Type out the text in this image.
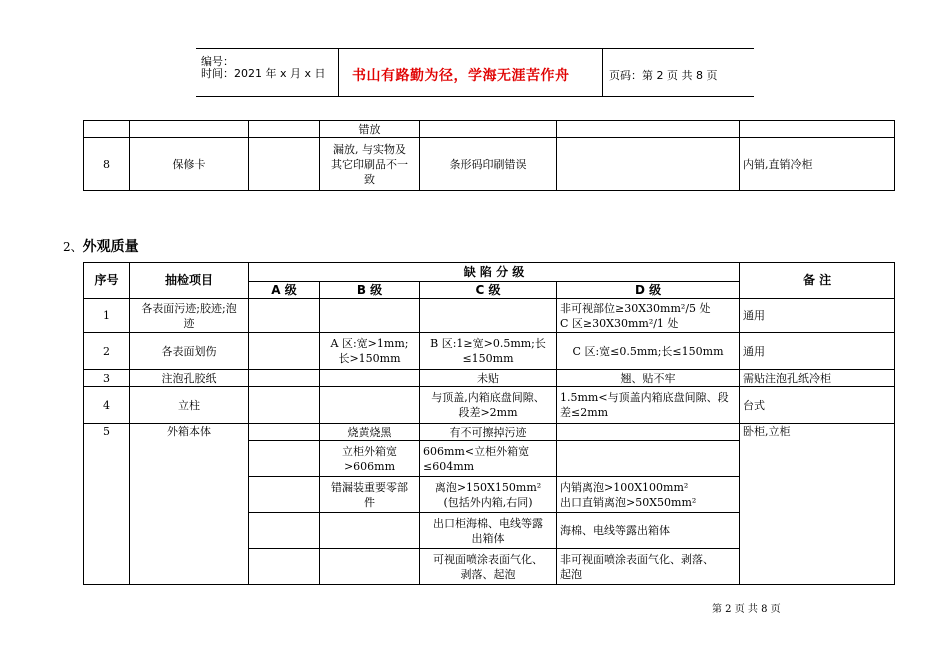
编号：
时间：2021 年 x 月 x 日 书山有路勤为径，学海无涯苦作舟	页码：第 2 页 共 8 页
			错放			
8	保修卡		漏放, 与实物及
其它印刷品不一
致	条形码印刷错误		内销,直销冷柜
2、外观质量
序号	抽检项目	缺 陷 分 级				备 注
		A 级	B 级	C 级	D 级	
1	各表面污迹;胶迹;泡
迹				非可视部位≥30X30mm²/5 处
C 区≥30X30mm²/1 处	通用
2	各表面划伤		A 区:宽>1mm;
长>150mm	B 区:1≥宽>0.5mm;长
≤150mm	C 区:宽≤0.5mm;长≤150mm	通用
3	注泡孔胶纸			未贴	翘、贴不牢	需贴注泡孔纸冷柜
4	立柱			与顶盖,内箱底盘间隙、
段差>2mm	1.5mm<与顶盖内箱底盘间隙、段
差≤2mm	台式
5	外箱本体		烧黄烧黑	有不可擦掉污迹		卧柜,立柜

			立柜外箱宽
>606mm	606mm<立柜外箱宽
≤604mm		

			错漏装重要零部
件	离泡>150X150mm²
(包括外内箱,右同)	内销离泡>100X100mm²
出口直销离泡>50X50mm²	

				出口柜海棉、电线等露
出箱体	海棉、电线等露出箱体	

				可视面喷涂表面气化、
剥落、起泡	非可视面喷涂表面气化、剥落、
起泡	
第 2 页 共 8 页
